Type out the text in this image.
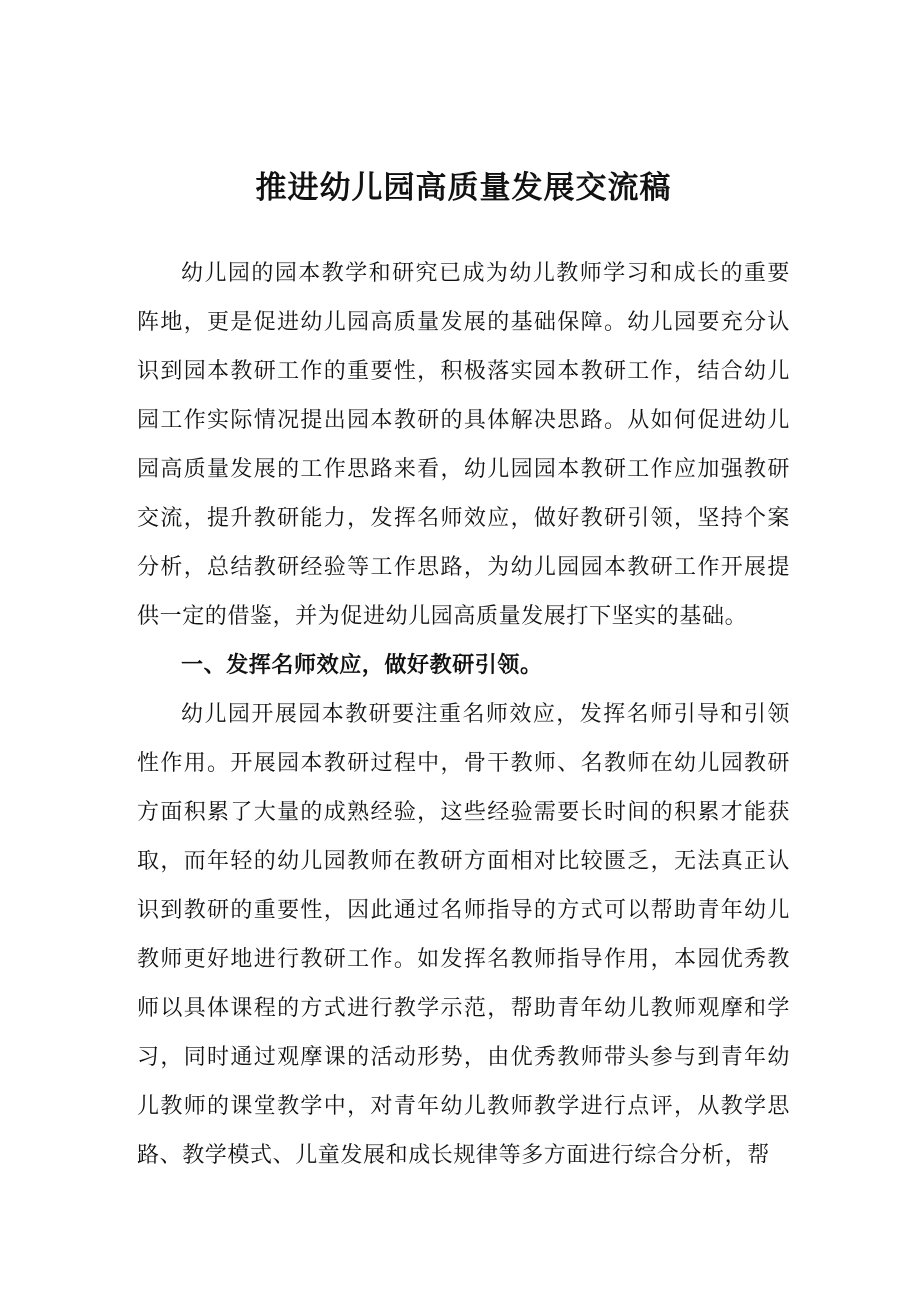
推进幼儿园高质量发展交流稿

幼儿园的园本教学和研究已成为幼儿教师学习和成长的重要阵地，更是促进幼儿园高质量发展的基础保障。幼儿园要充分认识到园本教研工作的重要性，积极落实园本教研工作，结合幼儿园工作实际情况提出园本教研的具体解决思路。从如何促进幼儿园高质量发展的工作思路来看，幼儿园园本教研工作应加强教研交流，提升教研能力，发挥名师效应，做好教研引领，坚持个案分析，总结教研经验等工作思路，为幼儿园园本教研工作开展提供一定的借鉴，并为促进幼儿园高质量发展打下坚实的基础。

一、发挥名师效应，做好教研引领。

幼儿园开展园本教研要注重名师效应，发挥名师引导和引领性作用。开展园本教研过程中，骨干教师、名教师在幼儿园教研方面积累了大量的成熟经验，这些经验需要长时间的积累才能获取，而年轻的幼儿园教师在教研方面相对比较匮乏，无法真正认识到教研的重要性，因此通过名师指导的方式可以帮助青年幼儿教师更好地进行教研工作。如发挥名教师指导作用，本园优秀教师以具体课程的方式进行教学示范，帮助青年幼儿教师观摩和学习，同时通过观摩课的活动形势，由优秀教师带头参与到青年幼儿教师的课堂教学中，对青年幼儿教师教学进行点评，从教学思路、教学模式、儿童发展和成长规律等多方面进行综合分析，帮
